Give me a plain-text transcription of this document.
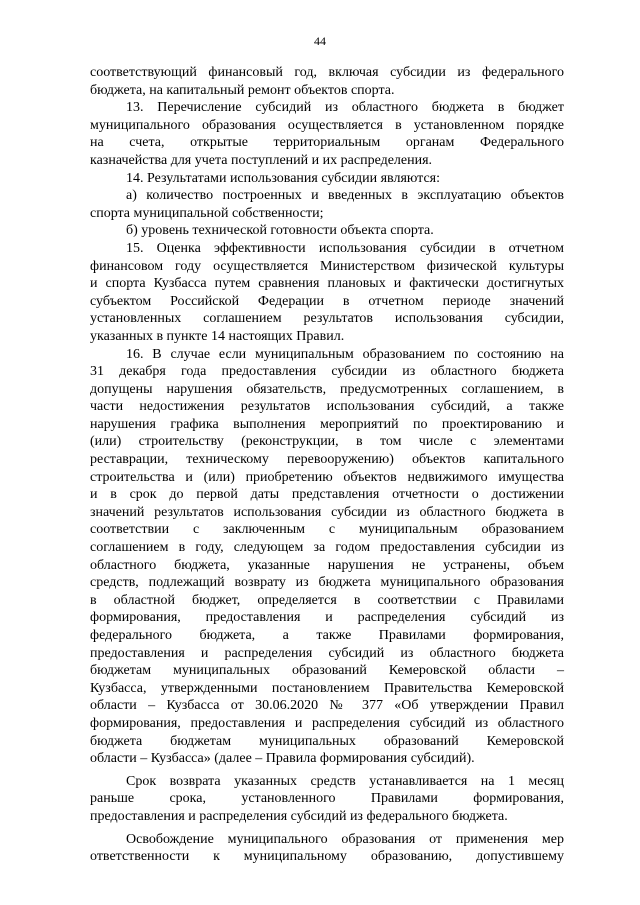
44
соответствующий финансовый год, включая субсидии из федерального
бюджета, на капитальный ремонт объектов спорта.
13. Перечисление субсидий из областного бюджета в бюджет
муниципального образования осуществляется в установленном порядке
на счета, открытые территориальным органам Федерального
казначейства для учета поступлений и их распределения.
14. Результатами использования субсидии являются:
а) количество построенных и введенных в эксплуатацию объектов
спорта муниципальной собственности;
б) уровень технической готовности объекта спорта.
15. Оценка эффективности использования субсидии в отчетном
финансовом году осуществляется Министерством физической культуры
и спорта Кузбасса путем сравнения плановых и фактически достигнутых
субъектом Российской Федерации в отчетном периоде значений
установленных соглашением результатов использования субсидии,
указанных в пункте 14 настоящих Правил.
16. В случае если муниципальным образованием по состоянию на
31 декабря года предоставления субсидии из областного бюджета
допущены нарушения обязательств, предусмотренных соглашением, в
части недостижения результатов использования субсидий, а также
нарушения графика выполнения мероприятий по проектированию и
(или) строительству (реконструкции, в том числе с элементами
реставрации, техническому перевооружению) объектов капитального
строительства и (или) приобретению объектов недвижимого имущества
и в срок до первой даты представления отчетности о достижении
значений результатов использования субсидии из областного бюджета в
соответствии с заключенным с муниципальным образованием
соглашением в году, следующем за годом предоставления субсидии из
областного бюджета, указанные нарушения не устранены, объем
средств, подлежащий возврату из бюджета муниципального образования
в областной бюджет, определяется в соответствии с Правилами
формирования, предоставления и распределения субсидий из
федерального бюджета, а также Правилами формирования,
предоставления и распределения субсидий из областного бюджета
бюджетам муниципальных образований Кемеровской области –
Кузбасса, утвержденными постановлением Правительства Кемеровской
области – Кузбасса от 30.06.2020 № 377 «Об утверждении Правил
формирования, предоставления и распределения субсидий из областного
бюджета бюджетам муниципальных образований Кемеровской
области – Кузбасса» (далее – Правила формирования субсидий).
Срок возврата указанных средств устанавливается на 1 месяц
раньше срока, установленного Правилами формирования,
предоставления и распределения субсидий из федерального бюджета.
Освобождение муниципального образования от применения мер
ответственности к муниципальному образованию, допустившему
